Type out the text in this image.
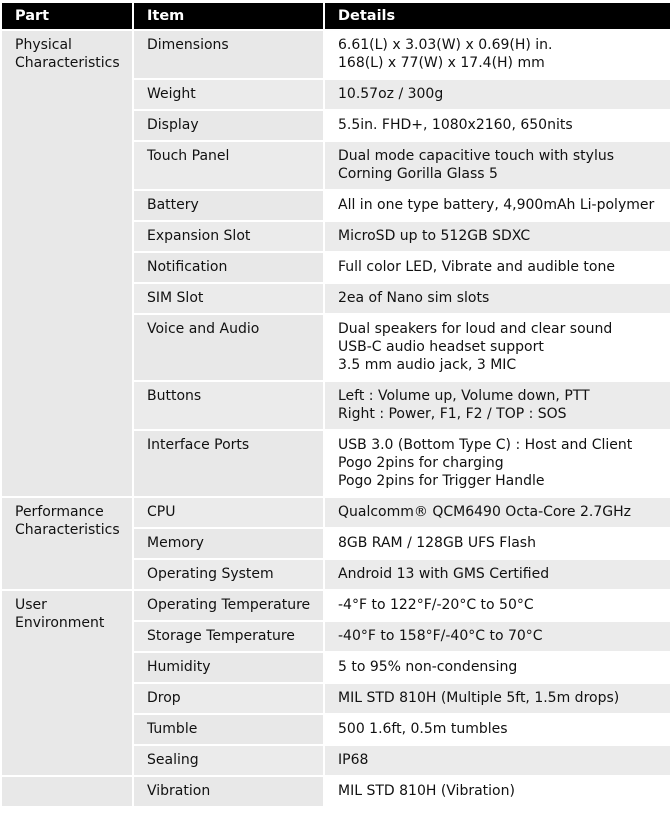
Part	Item	Details

Physical
Characteristics	Dimensions	6.61(L) x 3.03(W) x 0.69(H) in.
168(L) x 77(W) x 17.4(H) mm

	Weight	10.57oz / 300g

	Display	5.5in. FHD+, 1080x2160, 650nits

	Touch Panel	Dual mode capacitive touch with stylus
Corning Gorilla Glass 5

	Battery	All in one type battery, 4,900mAh Li-polymer

	Expansion Slot	MicroSD up to 512GB SDXC

	Notification	Full color LED, Vibrate and audible tone

	SIM Slot	2ea of Nano sim slots

	Voice and Audio	Dual speakers for loud and clear sound
USB-C audio headset support
3.5 mm audio jack, 3 MIC

	Buttons	Left : Volume up, Volume down, PTT
Right : Power, F1, F2 / TOP : SOS

	Interface Ports	USB 3.0 (Bottom Type C) : Host and Client
Pogo 2pins for charging
Pogo 2pins for Trigger Handle

Performance
Characteristics	CPU	Qualcomm® QCM6490 Octa-Core 2.7GHz

	Memory	8GB RAM / 128GB UFS Flash

	Operating System	Android 13 with GMS Certified

User
Environment	Operating Temperature	-4°F to 122°F/-20°C to 50°C

	Storage Temperature	-40°F to 158°F/-40°C to 70°C

	Humidity	5 to 95% non-condensing

	Drop	MIL STD 810H (Multiple 5ft, 1.5m drops)

	Tumble	500 1.6ft, 0.5m tumbles

	Sealing	IP68

	Vibration	MIL STD 810H (Vibration)
